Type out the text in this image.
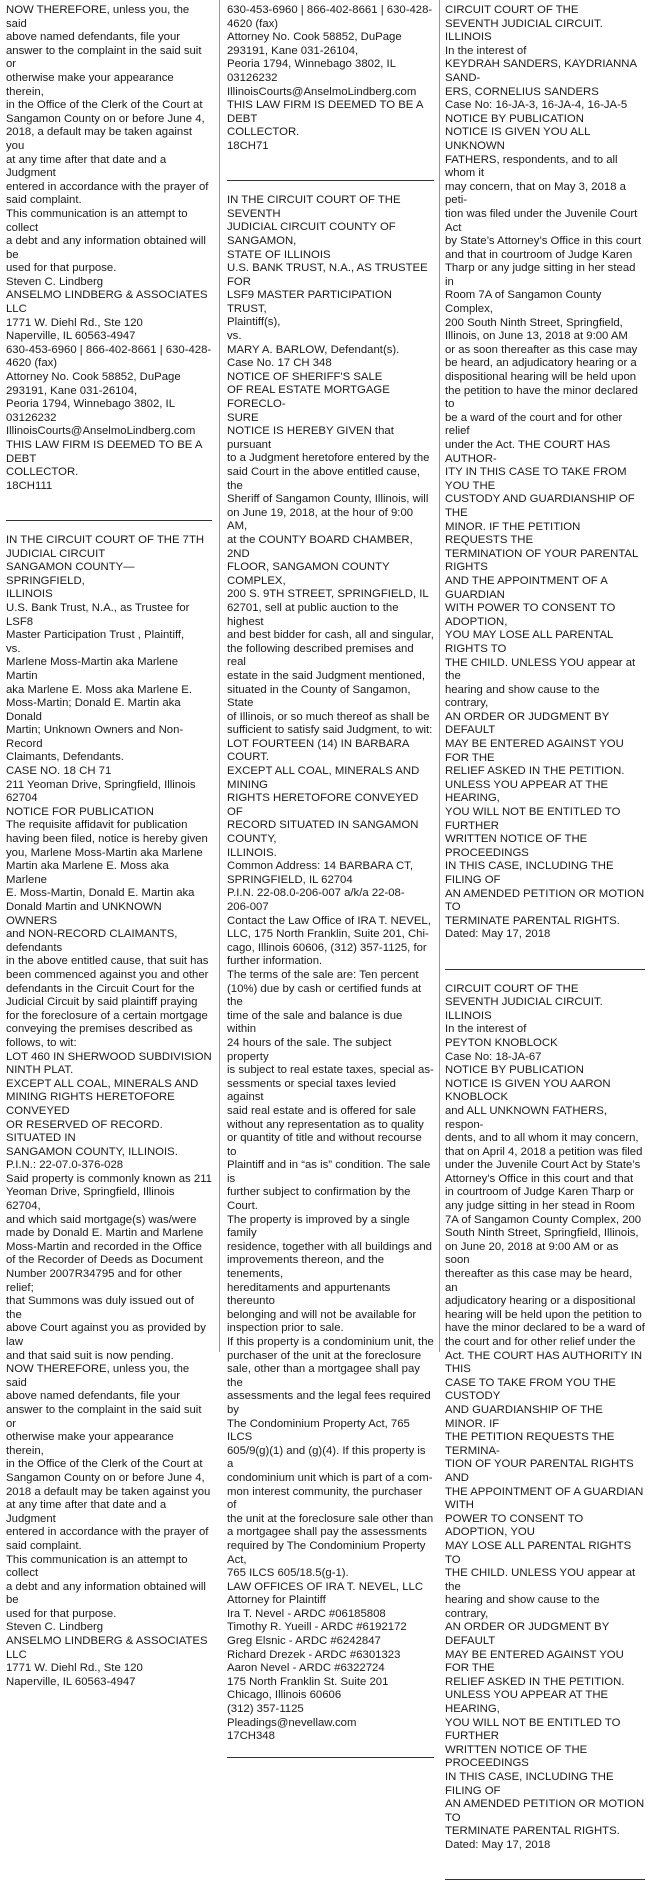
NOW THEREFORE, unless you, the said
above named defendants, file your
answer to the complaint in the said suit or
otherwise make your appearance therein,
in the Office of the Clerk of the Court at
Sangamon County on or before June 4,
2018, a default may be taken against you
at any time after that date and a Judgment
entered in accordance with the prayer of
said complaint.
This communication is an attempt to collect
a debt and any information obtained will be
used for that purpose.
Steven C. Lindberg
ANSELMO LINDBERG & ASSOCIATES LLC
1771 W. Diehl Rd., Ste 120
Naperville, IL 60563-4947
630-453-6960 | 866-402-8661 | 630-428-
4620 (fax)
Attorney No. Cook 58852, DuPage
293191, Kane 031-26104,
Peoria 1794, Winnebago 3802, IL
03126232
IllinoisCourts@AnselmoLindberg.com
THIS LAW FIRM IS DEEMED TO BE A DEBT
COLLECTOR.
18CH111

IN THE CIRCUIT COURT OF THE 7TH
JUDICIAL CIRCUIT
SANGAMON COUNTY—SPRINGFIELD,
ILLINOIS
U.S. Bank Trust, N.A., as Trustee for LSF8
Master Participation Trust , Plaintiff,
vs.
Marlene Moss-Martin aka Marlene Martin
aka Marlene E. Moss aka Marlene E.
Moss-Martin; Donald E. Martin aka Donald
Martin; Unknown Owners and Non-Record
Claimants, Defendants.
CASE NO. 18 CH 71
211 Yeoman Drive, Springfield, Illinois
62704
NOTICE FOR PUBLICATION
The requisite affidavit for publication
having been filed, notice is hereby given
you, Marlene Moss-Martin aka Marlene
Martin aka Marlene E. Moss aka Marlene
E. Moss-Martin, Donald E. Martin aka
Donald Martin and UNKNOWN OWNERS
and NON-RECORD CLAIMANTS, defendants
in the above entitled cause, that suit has
been commenced against you and other
defendants in the Circuit Court for the
Judicial Circuit by said plaintiff praying
for the foreclosure of a certain mortgage
conveying the premises described as
follows, to wit:
LOT 460 IN SHERWOOD SUBDIVISION
NINTH PLAT.
EXCEPT ALL COAL, MINERALS AND
MINING RIGHTS HERETOFORE CONVEYED
OR RESERVED OF RECORD. SITUATED IN
SANGAMON COUNTY, ILLINOIS.
P.I.N.: 22-07.0-376-028
Said property is commonly known as 211
Yeoman Drive, Springfield, Illinois 62704,
and which said mortgage(s) was/were
made by Donald E. Martin and Marlene
Moss-Martin and recorded in the Office
of the Recorder of Deeds as Document
Number 2007R34795 and for other relief;
that Summons was duly issued out of the
above Court against you as provided by law
and that said suit is now pending.
NOW THEREFORE, unless you, the said
above named defendants, file your
answer to the complaint in the said suit or
otherwise make your appearance therein,
in the Office of the Clerk of the Court at
Sangamon County on or before June 4,
2018 a default may be taken against you
at any time after that date and a Judgment
entered in accordance with the prayer of
said complaint.
This communication is an attempt to collect
a debt and any information obtained will be
used for that purpose.
Steven C. Lindberg
ANSELMO LINDBERG & ASSOCIATES LLC
1771 W. Diehl Rd., Ste 120
Naperville, IL 60563-4947

630-453-6960 | 866-402-8661 | 630-428-
4620 (fax)
Attorney No. Cook 58852, DuPage
293191, Kane 031-26104,
Peoria 1794, Winnebago 3802, IL
03126232
IllinoisCourts@AnselmoLindberg.com
THIS LAW FIRM IS DEEMED TO BE A DEBT
COLLECTOR.
18CH71

IN THE CIRCUIT COURT OF THE SEVENTH
JUDICIAL CIRCUIT COUNTY OF SANGAMON,
STATE OF ILLINOIS
U.S. BANK TRUST, N.A., AS TRUSTEE FOR
LSF9 MASTER PARTICIPATION TRUST,
Plaintiff(s),
vs.
MARY A. BARLOW, Defendant(s).
Case No. 17 CH 348
NOTICE OF SHERIFF'S SALE
OF REAL ESTATE MORTGAGE FORECLO-
SURE
NOTICE IS HEREBY GIVEN that pursuant
to a Judgment heretofore entered by the
said Court in the above entitled cause, the
Sheriff of Sangamon County, Illinois, will
on June 19, 2018, at the hour of 9:00 AM,
at the COUNTY BOARD CHAMBER, 2ND
FLOOR, SANGAMON COUNTY COMPLEX,
200 S. 9TH STREET, SPRINGFIELD, IL
62701, sell at public auction to the highest
and best bidder for cash, all and singular,
the following described premises and real
estate in the said Judgment mentioned,
situated in the County of Sangamon, State
of Illinois, or so much thereof as shall be
sufficient to satisfy said Judgment, to wit:
LOT FOURTEEN (14) IN BARBARA COURT.
EXCEPT ALL COAL, MINERALS AND MINING
RIGHTS HERETOFORE CONVEYED OF
RECORD SITUATED IN SANGAMON COUNTY,
ILLINOIS.
Common Address: 14 BARBARA CT,
SPRINGFIELD, IL 62704
P.I.N. 22-08.0-206-007 a/k/a 22-08-
206-007
Contact the Law Office of IRA T. NEVEL,
LLC, 175 North Franklin, Suite 201, Chi-
cago, Illinois 60606, (312) 357-1125, for
further information.
The terms of the sale are: Ten percent
(10%) due by cash or certified funds at the
time of the sale and balance is due within
24 hours of the sale. The subject property
is subject to real estate taxes, special as-
sessments or special taxes levied against
said real estate and is offered for sale
without any representation as to quality
or quantity of title and without recourse to
Plaintiff and in “as is” condition. The sale is
further subject to confirmation by the Court.
The property is improved by a single family
residence, together with all buildings and
improvements thereon, and the tenements,
hereditaments and appurtenants thereunto
belonging and will not be available for
inspection prior to sale.
If this property is a condominium unit, the
purchaser of the unit at the foreclosure
sale, other than a mortgagee shall pay the
assessments and the legal fees required by
The Condominium Property Act, 765 ILCS
605/9(g)(1) and (g)(4). If this property is a
condominium unit which is part of a com-
mon interest community, the purchaser of
the unit at the foreclosure sale other than
a mortgagee shall pay the assessments
required by The Condominium Property Act,
765 ILCS 605/18.5(g-1).
LAW OFFICES OF IRA T. NEVEL, LLC
Attorney for Plaintiff
Ira T. Nevel - ARDC #06185808
Timothy R. Yueill - ARDC #6192172
Greg Elsnic - ARDC #6242847
Richard Drezek - ARDC #6301323
Aaron Nevel - ARDC #6322724
175 North Franklin St. Suite 201
Chicago, Illinois 60606
(312) 357-1125
Pleadings@nevellaw.com
17CH348

CIRCUIT COURT OF THE
SEVENTH JUDICIAL CIRCUIT. ILLINOIS
In the interest of
KEYDRAH SANDERS, KAYDRIANNA SAND-
ERS, CORNELIUS SANDERS
Case No: 16-JA-3, 16-JA-4, 16-JA-5
NOTICE BY PUBLICATION
NOTICE IS GIVEN YOU ALL UNKNOWN
FATHERS, respondents, and to all whom it
may concern, that on May 3, 2018 a peti-
tion was filed under the Juvenile Court Act
by State’s Attorney’s Office in this court
and that in courtroom of Judge Karen
Tharp or any judge sitting in her stead in
Room 7A of Sangamon County Complex,
200 South Ninth Street, Springfield,
Illinois, on June 13, 2018 at 9:00 AM
or as soon thereafter as this case may
be heard, an adjudicatory hearing or a
dispositional hearing will be held upon
the petition to have the minor declared to
be a ward of the court and for other relief
under the Act. THE COURT HAS AUTHOR-
ITY IN THIS CASE TO TAKE FROM YOU THE
CUSTODY AND GUARDIANSHIP OF THE
MINOR. IF THE PETITION REQUESTS THE
TERMINATION OF YOUR PARENTAL RIGHTS
AND THE APPOINTMENT OF A GUARDIAN
WITH POWER TO CONSENT TO ADOPTION,
YOU MAY LOSE ALL PARENTAL RIGHTS TO
THE CHILD. UNLESS YOU appear at the
hearing and show cause to the contrary,
AN ORDER OR JUDGMENT BY DEFAULT
MAY BE ENTERED AGAINST YOU FOR THE
RELIEF ASKED IN THE PETITION.
UNLESS YOU APPEAR AT THE HEARING,
YOU WILL NOT BE ENTITLED TO FURTHER
WRITTEN NOTICE OF THE PROCEEDINGS
IN THIS CASE, INCLUDING THE FILING OF
AN AMENDED PETITION OR MOTION TO
TERMINATE PARENTAL RIGHTS.
Dated: May 17, 2018

CIRCUIT COURT OF THE
SEVENTH JUDICIAL CIRCUIT. ILLINOIS
In the interest of
PEYTON KNOBLOCK
Case No: 18-JA-67
NOTICE BY PUBLICATION
NOTICE IS GIVEN YOU AARON KNOBLOCK
and ALL UNKNOWN FATHERS, respon-
dents, and to all whom it may concern,
that on April 4, 2018 a petition was filed
under the Juvenile Court Act by State’s
Attorney’s Office in this court and that
in courtroom of Judge Karen Tharp or
any judge sitting in her stead in Room
7A of Sangamon County Complex, 200
South Ninth Street, Springfield, Illinois,
on June 20, 2018 at 9:00 AM or as soon
thereafter as this case may be heard, an
adjudicatory hearing or a dispositional
hearing will be held upon the petition to
have the minor declared to be a ward of
the court and for other relief under the
Act. THE COURT HAS AUTHORITY IN THIS
CASE TO TAKE FROM YOU THE CUSTODY
AND GUARDIANSHIP OF THE MINOR. IF
THE PETITION REQUESTS THE TERMINA-
TION OF YOUR PARENTAL RIGHTS AND
THE APPOINTMENT OF A GUARDIAN WITH
POWER TO CONSENT TO ADOPTION, YOU
MAY LOSE ALL PARENTAL RIGHTS TO
THE CHILD. UNLESS YOU appear at the
hearing and show cause to the contrary,
AN ORDER OR JUDGMENT BY DEFAULT
MAY BE ENTERED AGAINST YOU FOR THE
RELIEF ASKED IN THE PETITION.
UNLESS YOU APPEAR AT THE HEARING,
YOU WILL NOT BE ENTITLED TO FURTHER
WRITTEN NOTICE OF THE PROCEEDINGS
IN THIS CASE, INCLUDING THE FILING OF
AN AMENDED PETITION OR MOTION TO
TERMINATE PARENTAL RIGHTS.
Dated: May 17, 2018
